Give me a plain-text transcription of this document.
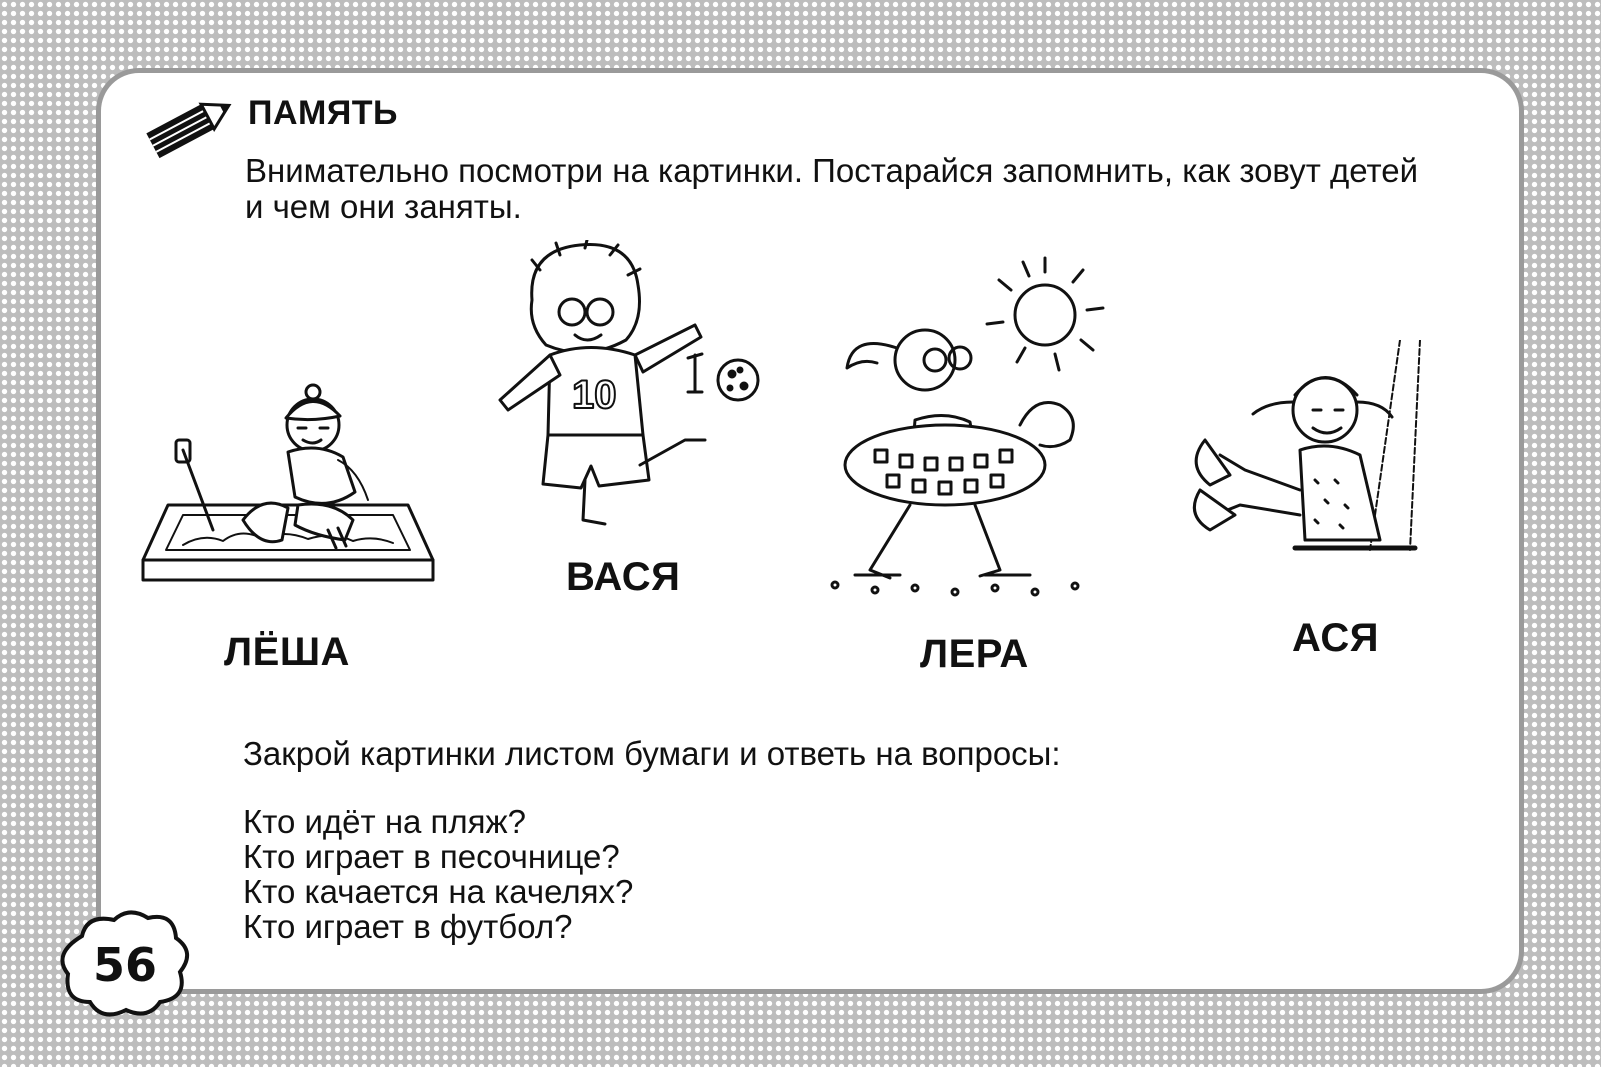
ПАМЯТЬ
Внимательно посмотри на картинки. Постарайся запомнить, как зовут детей и чем они заняты.
ЛЁША
10
ВАСЯ
ЛЕРА	АСЯ
Закрой картинки листом бумаги и ответь на вопросы:
Кто идёт на пляж?
Кто играет в песочнице?
Кто качается на качелях?
Кто играет в футбол?
56
